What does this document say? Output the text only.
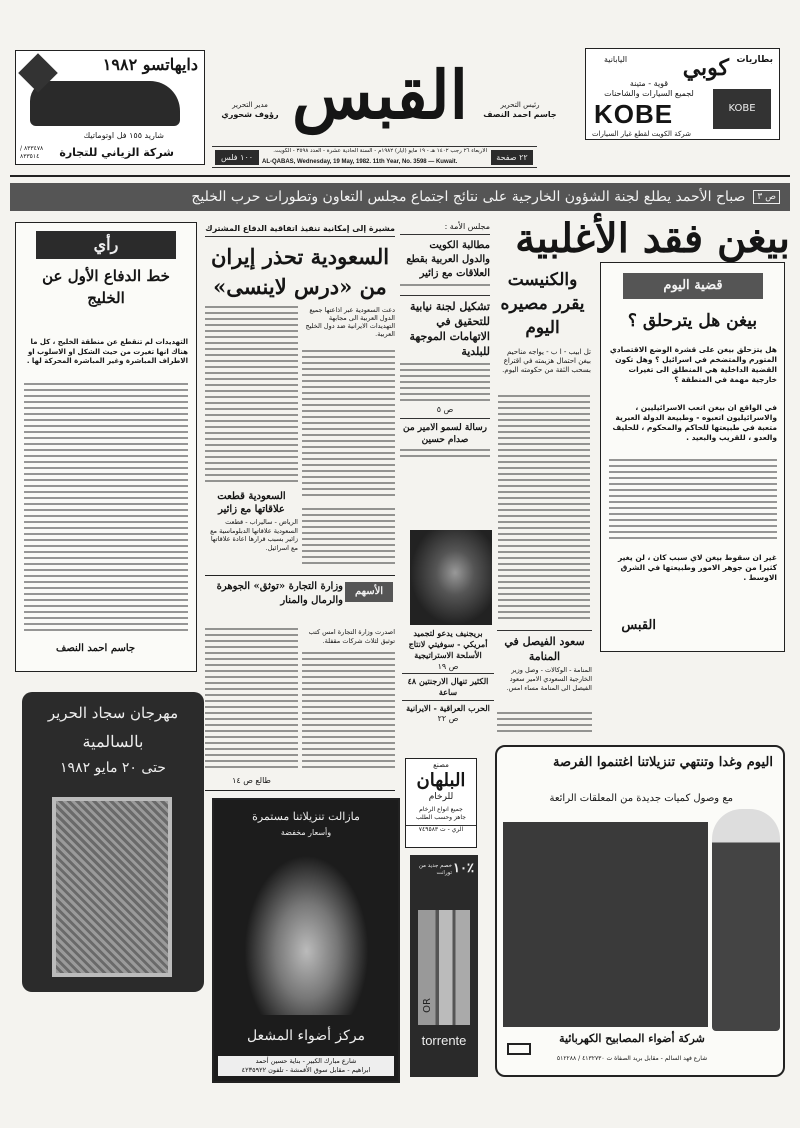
بطاريات
كوبي
اليابانية
قوية - متينة
لجميع السيارات والشاحنات
KOBE	KOBE
شركة الكويت لقطع غيار السيارات
رئيس التحرير
جاسم احمد النصف
القبس
مدير التحرير
رؤوف شحوري
٢٢ صفحة
الاربعاء ٢٦ رجب ١٤٠٢ هـ - ١٩ مايو (أيار) ١٩٨٢م - السنة الحادية عشرة - العدد ٣٥٩٨ - الكويت.
AL-QABAS, Wednesday, 19 May, 1982. 11th Year, No. 3598 — Kuwait.
١٠٠ فلس
دايهاتسو ١٩٨٢
شاريد ١٥٥ فل اوتوماتيك
شركة الزياني للتجارة
٨٣٣٤٧٨ / ٨٣٣٥١٤
ص ٣
صباح الأحمد يطلع لجنة الشؤون الخارجية على نتائج اجتماع مجلس التعاون وتطورات حرب الخليج
بيغن فقد الأغلبية
والكنيست يقرر مصيره اليوم
تل ابيب - ا ب - يواجه مناحيم بيغن احتمال هزيمته في اقتراع بسحب الثقة من حكومته اليوم.
قضية اليوم
بيغن هل يترحلق ؟
هل يتزحلق بيغن على قشرة الوضع الاقتصادي المتورم والمتضخم في اسرائيل ؟ وهل تكون القضية الداخلية هي المنطلق الى تغيرات خارجية مهمة في المنطقة ؟
في الواقع ان بيغن اتعب الاسرائيليين ، والاسرائيليون اتعبوه - وطبيعة الدولة العبرية متعبة في طبيعتها للحاكم والمحكوم ، للحليف والعدو ، للقريب والبعيد .
غير ان سقوط بيغن لاي سبب كان ، لن يغير كثيرا من جوهر الامور وطبيعتها في الشرق الاوسط .
القبس
مجلس الأمة :
مطالبة الكويت والدول العربية بقطع العلاقات مع زائير
تشكيل لجنة نيابية للتحقيق في الاتهامات الموجهة للبلدية
ص ٥
رسالة لسمو الامير من صدام حسين
بريجنيف يدعو لتجميد أمريكي - سوفيتي لانتاج الأسلحة الاستراتيجية
ص ١٩
الكثير تنهال الارجنتين ٤٨ ساعة
الحرب العراقية - الايرانية
ص ٢٢
سعود الفيصل في المنامة
المنامة - الوكالات - وصل وزير الخارجية السعودي الامير سعود الفيصل الى المنامة مساء امس.
مشيرة إلى إمكانية تنفيذ اتفاقية الدفاع المشترك
السعودية تحذر إيران من «درس لاينسى»
دعت السعودية عبر اذاعتها جميع الدول العربية الى مجابهة التهديدات الايرانية ضد دول الخليج العربية.
السعودية قطعت علاقاتها مع زائير
الرياض - ساليراب - قطعت السعودية علاقاتها الدبلوماسية مع زائير بسبب قرارها اعادة علاقاتها مع اسرائيل.
الأسهم
وزارة التجارة «توثق» الجوهرة والرمال والمنار
اصدرت وزارة التجارة امس كتب توثيق لثلاث شركات مقفلة.
طالع ص ١٤
رأي
خط الدفاع الأول عن الخليج
التهديدات لم تنقطع عن منطقة الخليج ، كل ما هناك انها تغيرت من حيث الشكل او الاسلوب او الاطراف المباشرة وغير المباشرة المحركة لها .
جاسم احمد النصف
مهرجان سجاد الحرير
بالسالمية
حتى ٢٠ مايو ١٩٨٢
مازالت تنزيلاتنا مستمرة
وأسعار مخفضة
مركز أضواء المشعل
شارع مبارك الكبير - بناية حسين أحمد
ابراهيم - مقابل سوق الأقمشة - تلفون ٤٢٣٥٩٢٢
مصنع
البلهان
للرخام
جميع انواع الرخام
جاهز وحسب الطلب
الري - ت ٧٤٩٥٨٣
٪١٠
خصم جديد من تورانت
OR
torrente
اليوم وغدا وتنتهي تنزيلاتنا اغتنموا الفرصة
مع وصول كميات جديدة من المعلقات الرائعة
شركة أضواء المصابيح الكهربائية
شارع فهد السالم - مقابل بريد الصفاة ت ٤١٣٢٧٣٠ / ٥١٢٢٨٨
